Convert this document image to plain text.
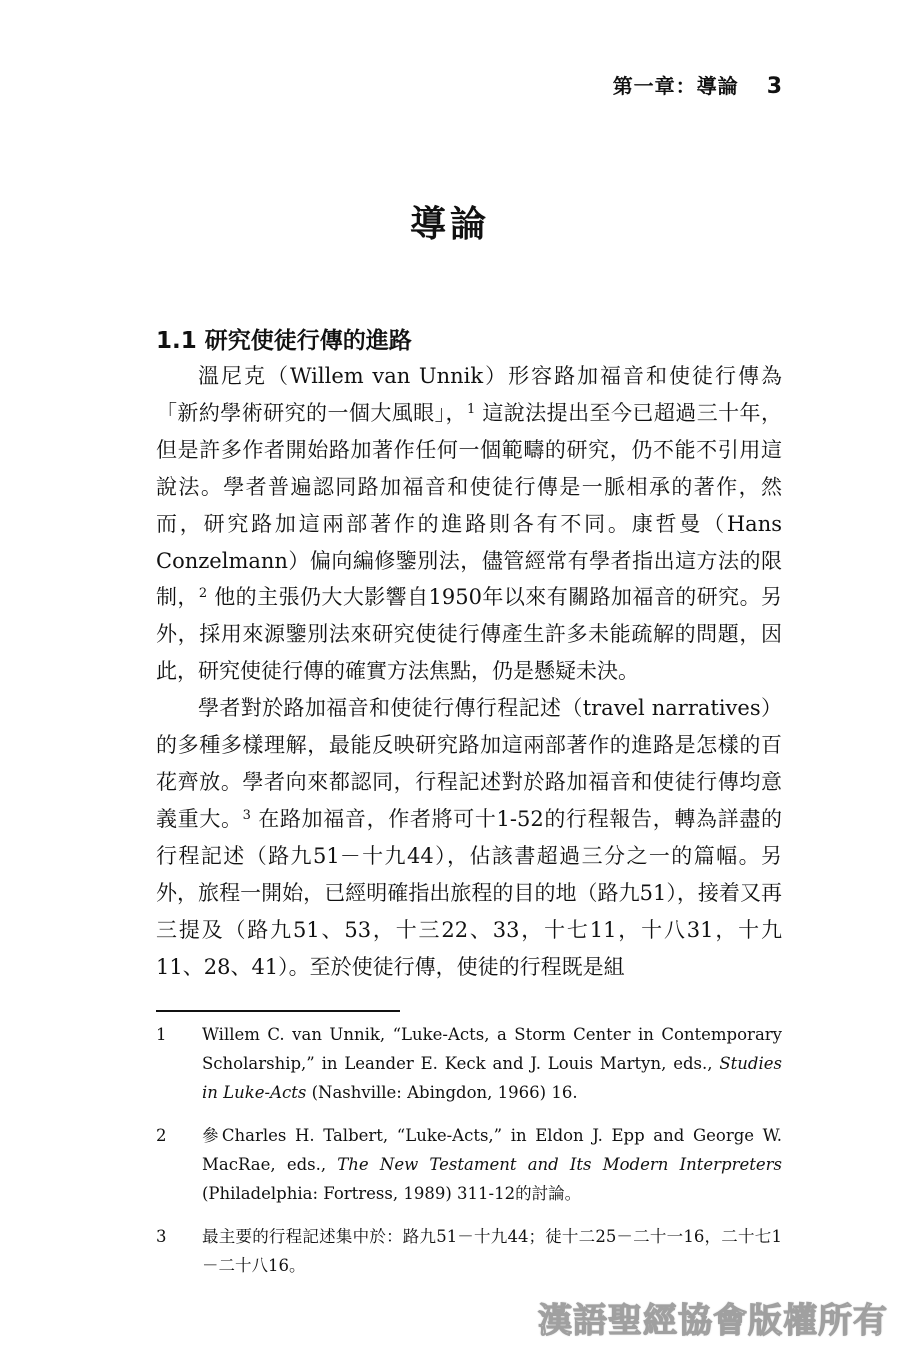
第一章：導論 3
導論
1.1 研究使徒行傳的進路

溫尼克（Willem van Unnik）形容路加福音和使徒行傳為「新約學術研究的一個大風眼」，$^1$ 這說法提出至今已超過三十年，但是許多作者開始路加著作任何一個範疇的研究，仍不能不引用這說法。學者普遍認同路加福音和使徒行傳是一脈相承的著作，然而，研究路加這兩部著作的進路則各有不同。康哲曼（Hans Conzelmann）偏向編修鑒別法，儘管經常有學者指出這方法的限制，$^2$ 他的主張仍大大影響自1950年以來有關路加福音的研究。另外，採用來源鑒別法來研究使徒行傳產生許多未能疏解的問題，因此，研究使徒行傳的確實方法焦點，仍是懸疑未決。

學者對於路加福音和使徒行傳行程記述（travel narratives）的多種多樣理解，最能反映研究路加這兩部著作的進路是怎樣的百花齊放。學者向來都認同，行程記述對於路加福音和使徒行傳均意義重大。$^3$ 在路加福音，作者將可十1-52的行程報告，轉為詳盡的行程記述（路九51－十九44），佔該書超過三分之一的篇幅。另外，旅程一開始，已經明確指出旅程的目的地（路九51），接着又再三提及（路九51、53，十三22、33，十七11，十八31，十九11、28、41）。至於使徒行傳，使徒的行程既是組

1	Willem C. van Unnik, “Luke-Acts, a Storm Center in Contemporary Scholarship,” in Leander E. Keck and J. Louis Martyn, eds., Studies in Luke-Acts (Nashville: Abingdon, 1966) 16.
2	參Charles H. Talbert, “Luke-Acts,” in Eldon J. Epp and George W. MacRae, eds., The New Testament and Its Modern Interpreters (Philadelphia: Fortress, 1989) 311-12的討論。
3	最主要的行程記述集中於：路九51－十九44；徒十二25－二十一16，二十七1－二十八16。
漢語聖經協會版權所有
